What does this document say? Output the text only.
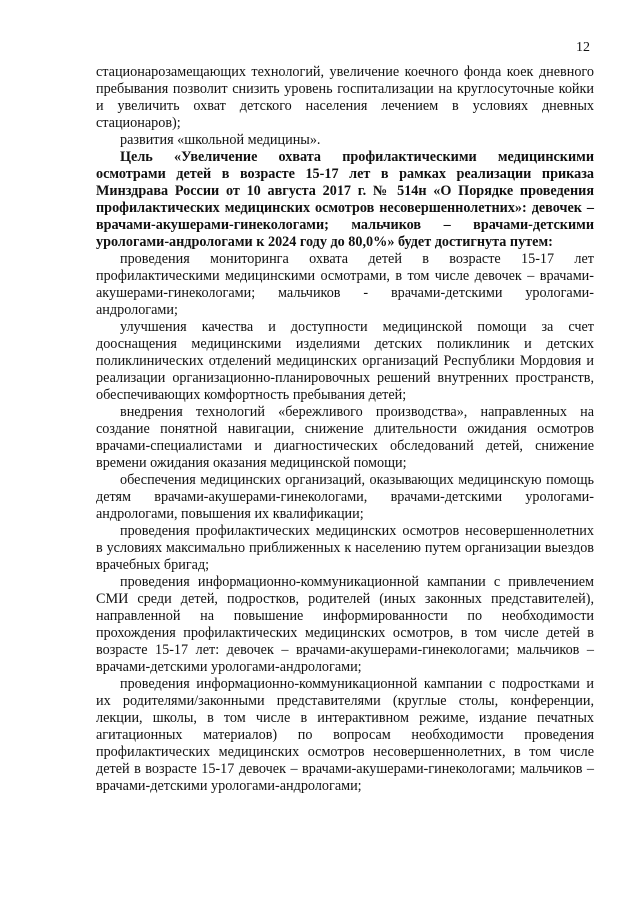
12

стационарозамещающих технологий, увеличение коечного фонда коек дневного пребывания позволит снизить уровень госпитализации на круглосуточные койки и увеличить охват детского населения лечением в условиях дневных стационаров);

развития «школьной медицины».

Цель «Увеличение охвата профилактическими медицинскими осмотрами детей в возрасте 15-17 лет в рамках реализации приказа Минздрава России от 10 августа 2017 г. № 514н «О Порядке проведения профилактических медицинских осмотров несовершеннолетних»: девочек – врачами-акушерами-гинекологами; мальчиков – врачами-детскими урологами-андрологами к 2024 году до 80,0%» будет достигнута путем:

проведения мониторинга охвата детей в возрасте 15-17 лет профилактическими медицинскими осмотрами, в том числе девочек – врачами-акушерами-гинекологами; мальчиков - врачами-детскими урологами-андрологами;

улучшения качества и доступности медицинской помощи за счет дооснащения медицинскими изделиями детских поликлиник и детских поликлинических отделений медицинских организаций Республики Мордовия и реализации организационно-планировочных решений внутренних пространств, обеспечивающих комфортность пребывания детей;

внедрения технологий «бережливого производства», направленных на создание понятной навигации, снижение длительности ожидания осмотров врачами-специалистами и диагностических обследований детей, снижение времени ожидания оказания медицинской помощи;

обеспечения медицинских организаций, оказывающих медицинскую помощь детям врачами-акушерами-гинекологами, врачами-детскими урологами-андрологами, повышения их квалификации;

проведения профилактических медицинских осмотров несовершеннолетних в условиях максимально приближенных к населению путем организации выездов врачебных бригад;

проведения информационно-коммуникационной кампании с привлечением СМИ среди детей, подростков, родителей (иных законных представителей), направленной на повышение информированности по необходимости прохождения профилактических медицинских осмотров, в том числе детей в возрасте 15-17 лет: девочек – врачами-акушерами-гинекологами; мальчиков – врачами-детскими урологами-андрологами;

проведения информационно-коммуникационной кампании с подростками и их родителями/законными представителями (круглые столы, конференции, лекции, школы, в том числе в интерактивном режиме, издание печатных агитационных материалов) по вопросам необходимости проведения профилактических медицинских осмотров несовершеннолетних, в том числе детей в возрасте 15-17 девочек – врачами-акушерами-гинекологами; мальчиков – врачами-детскими урологами-андрологами;
